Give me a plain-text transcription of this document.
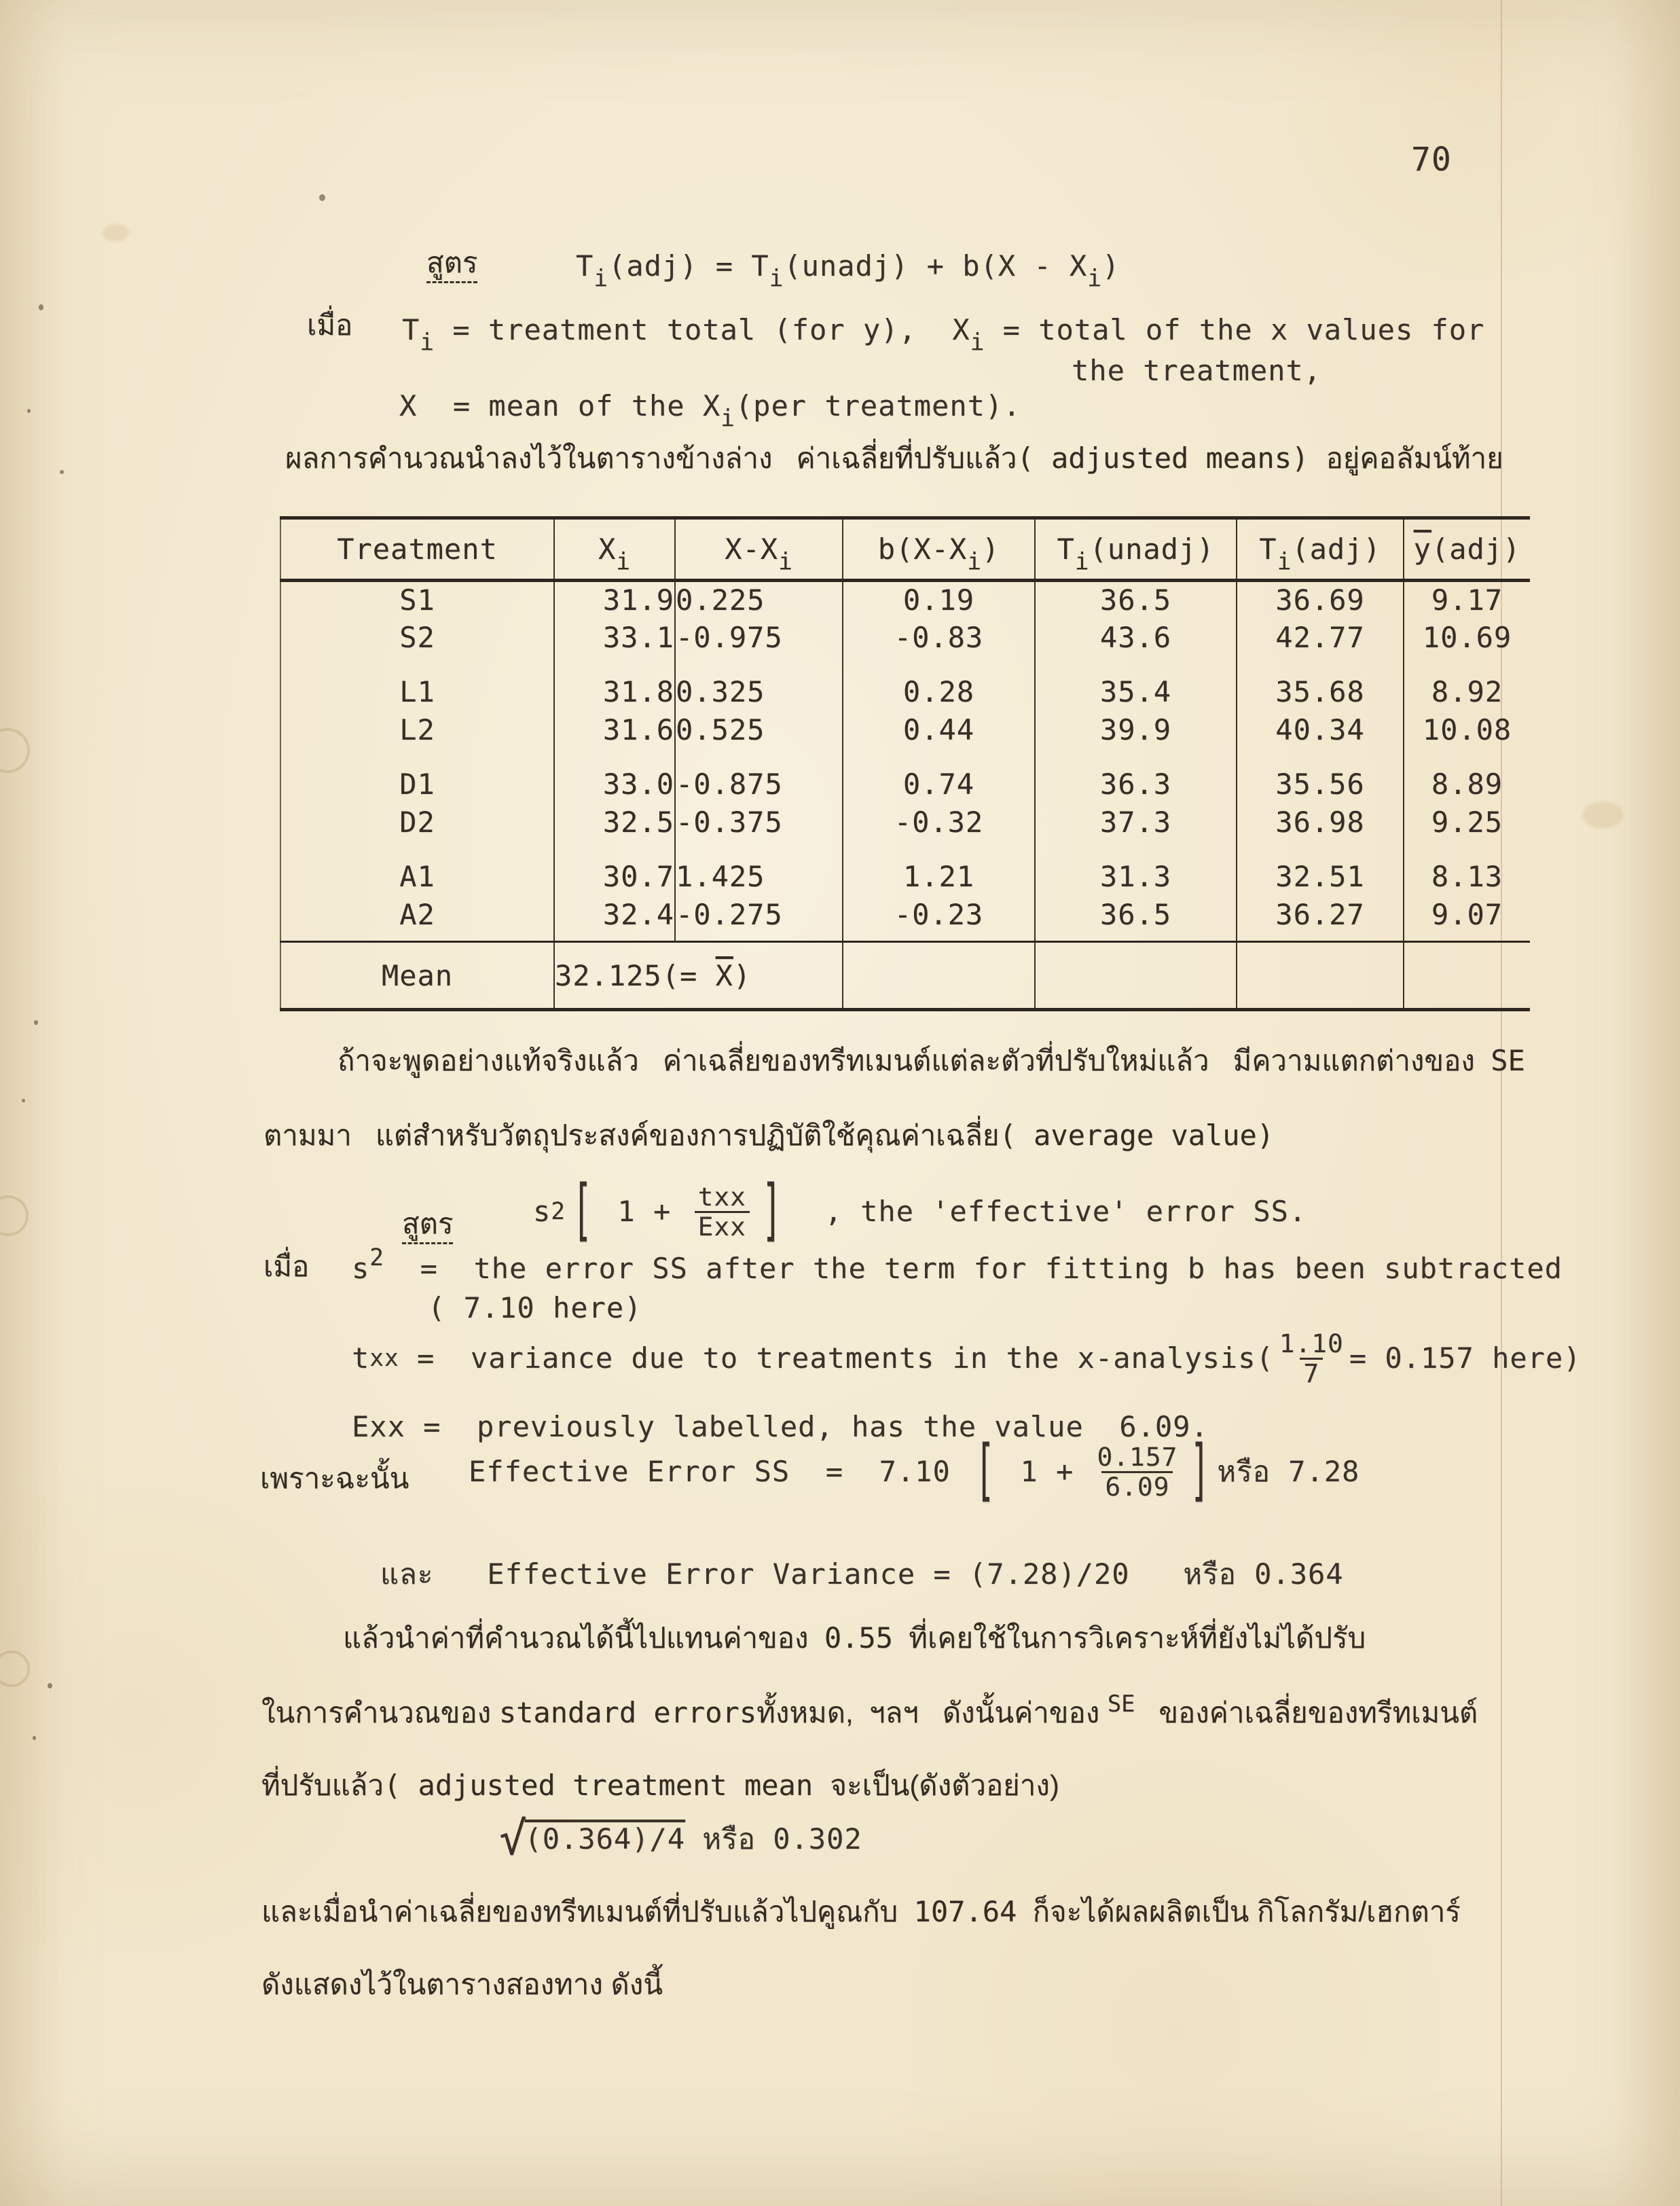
70
สูตร	$T_i(adj)$ = $T_i(unadj) + b(X - X_i)$
เมื่อ $T_i$ = treatment total (for y),  $X_i$ = total of the x values for
the treatment,
X  = mean of the $X_i(per$ treatment).
ผลการคำนวณนำลงไว้ในตารางข้างล่าง   ค่าเฉลี่ยที่ปรับแล้ว( adjusted means) อยู่คอลัมน์ท้าย
Treatment	$X_i$	$X-X_i$	$b(X-X_i)$	$T_i(unadj)$	$T_i(adj)$	$\overline{y}(adj)$
S1	31.9	0.225	0.19	36.5	36.69	9.17
S2	33.1	-0.975	-0.83	43.6	42.77	10.69

L1	31.8	0.325	0.28	35.4	35.68	8.92
L2	31.6	0.525	0.44	39.9	40.34	10.08

D1	33.0	-0.875	0.74	36.3	35.56	8.89
D2	32.5	-0.375	-0.32	37.3	36.98	9.25

A1	30.7	1.425	1.21	31.3	32.51	8.13
A2	32.4	-0.275	-0.23	36.5	36.27	9.07

Mean	$32.125(= \overline{X})$					
ถ้าจะพูดอย่างแท้จริงแล้ว   ค่าเฉลี่ยของทรีทเมนต์แต่ละตัวที่ปรับใหม่แล้ว   มีความแตกต่างของ  SE
ตามมา   แต่สำหรับวัตถุประสงค์ของการปฏิบัติใช้คุณค่าเฉลี่ย( average value)
สูตร	s 2 [ $1 + \frac{\text{txx}}{\text{Exx}}$ ] , the 'effective' error SS.
เมื่อ $s^2$  =  the error SS after the term for fitting b has been subtracted
( 7.10 here)
t xx =  variance due to treatments in the x-analysis( $\frac{1.10}{7} = 0.157$ here)
Exx =  previously labelled, has the value  6.09.
เพราะฉะนั้น Effective Error SS  =  7.10 [ $1 + \frac{0.157}{6.09}$ ] หรือ 7.28
และ   Effective Error Variance = (7.28)/20   หรือ 0.364
แล้วนำค่าที่คำนวณได้นี้ไปแทนค่าของ  0.55  ที่เคยใช้ในการวิเคราะห์ที่ยังไม่ได้ปรับ
ในการคำนวณของ standard errorsทั้งหมด,  ฯลฯ   ดังนั้นค่าของ $^{SE}$   ของค่าเฉลี่ยของทรีทเมนต์
ที่ปรับแล้ว( adjusted treatment mean จะเป็น(ดังตัวอย่าง)
√
(0.364)/4 หรือ 0.302
และเมื่อนำค่าเฉลี่ยของทรีทเมนต์ที่ปรับแล้วไปคูณกับ  107.64  ก็จะได้ผลผลิตเป็น กิโลกรัม/เฮกตาร์
ดังแสดงไว้ในตารางสองทาง ดังนี้
